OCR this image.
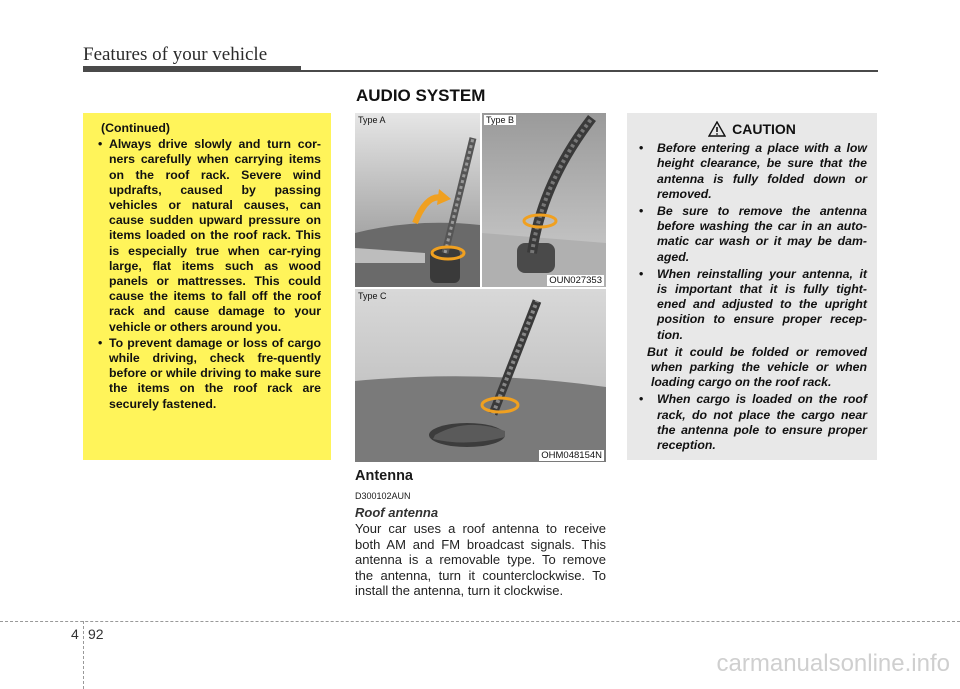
Features of your vehicle
AUDIO SYSTEM
(Continued)
• Always drive slowly and turn cor-ners carefully when carrying items on the roof rack. Severe wind updrafts, caused by passing vehicles or natural causes, can cause sudden upward pressure on items loaded on the roof rack. This is especially true when car-rying large, flat items such as wood panels or mattresses. This could cause the items to fall off the roof rack and cause damage to your vehicle or others around you.
• To prevent damage or loss of cargo while driving, check fre-quently before or while driving to make sure the items on the roof rack are securely fastened.
Type A	Type B
OUN027353
Type C
OHM048154N
Antenna
D300102AUN
Roof antenna
Your car uses a roof antenna to receive both AM and FM broadcast signals. This antenna is a removable type. To remove the antenna, turn it counterclockwise. To install the antenna, turn it clockwise.
CAUTION
• Before entering a place with a low height clearance, be sure that the antenna is fully folded down or removed.
• Be sure to remove the antenna before washing the car in an auto-matic car wash or it may be dam-aged.
• When reinstalling your antenna, it is important that it is fully tight-ened and adjusted to the upright position to ensure proper recep-tion.
But it could be folded or removed when parking the vehicle or when loading cargo on the roof rack.
• When cargo is loaded on the roof rack, do not place the cargo near the antenna pole to ensure proper reception.
4 92
carmanualsonline.info
